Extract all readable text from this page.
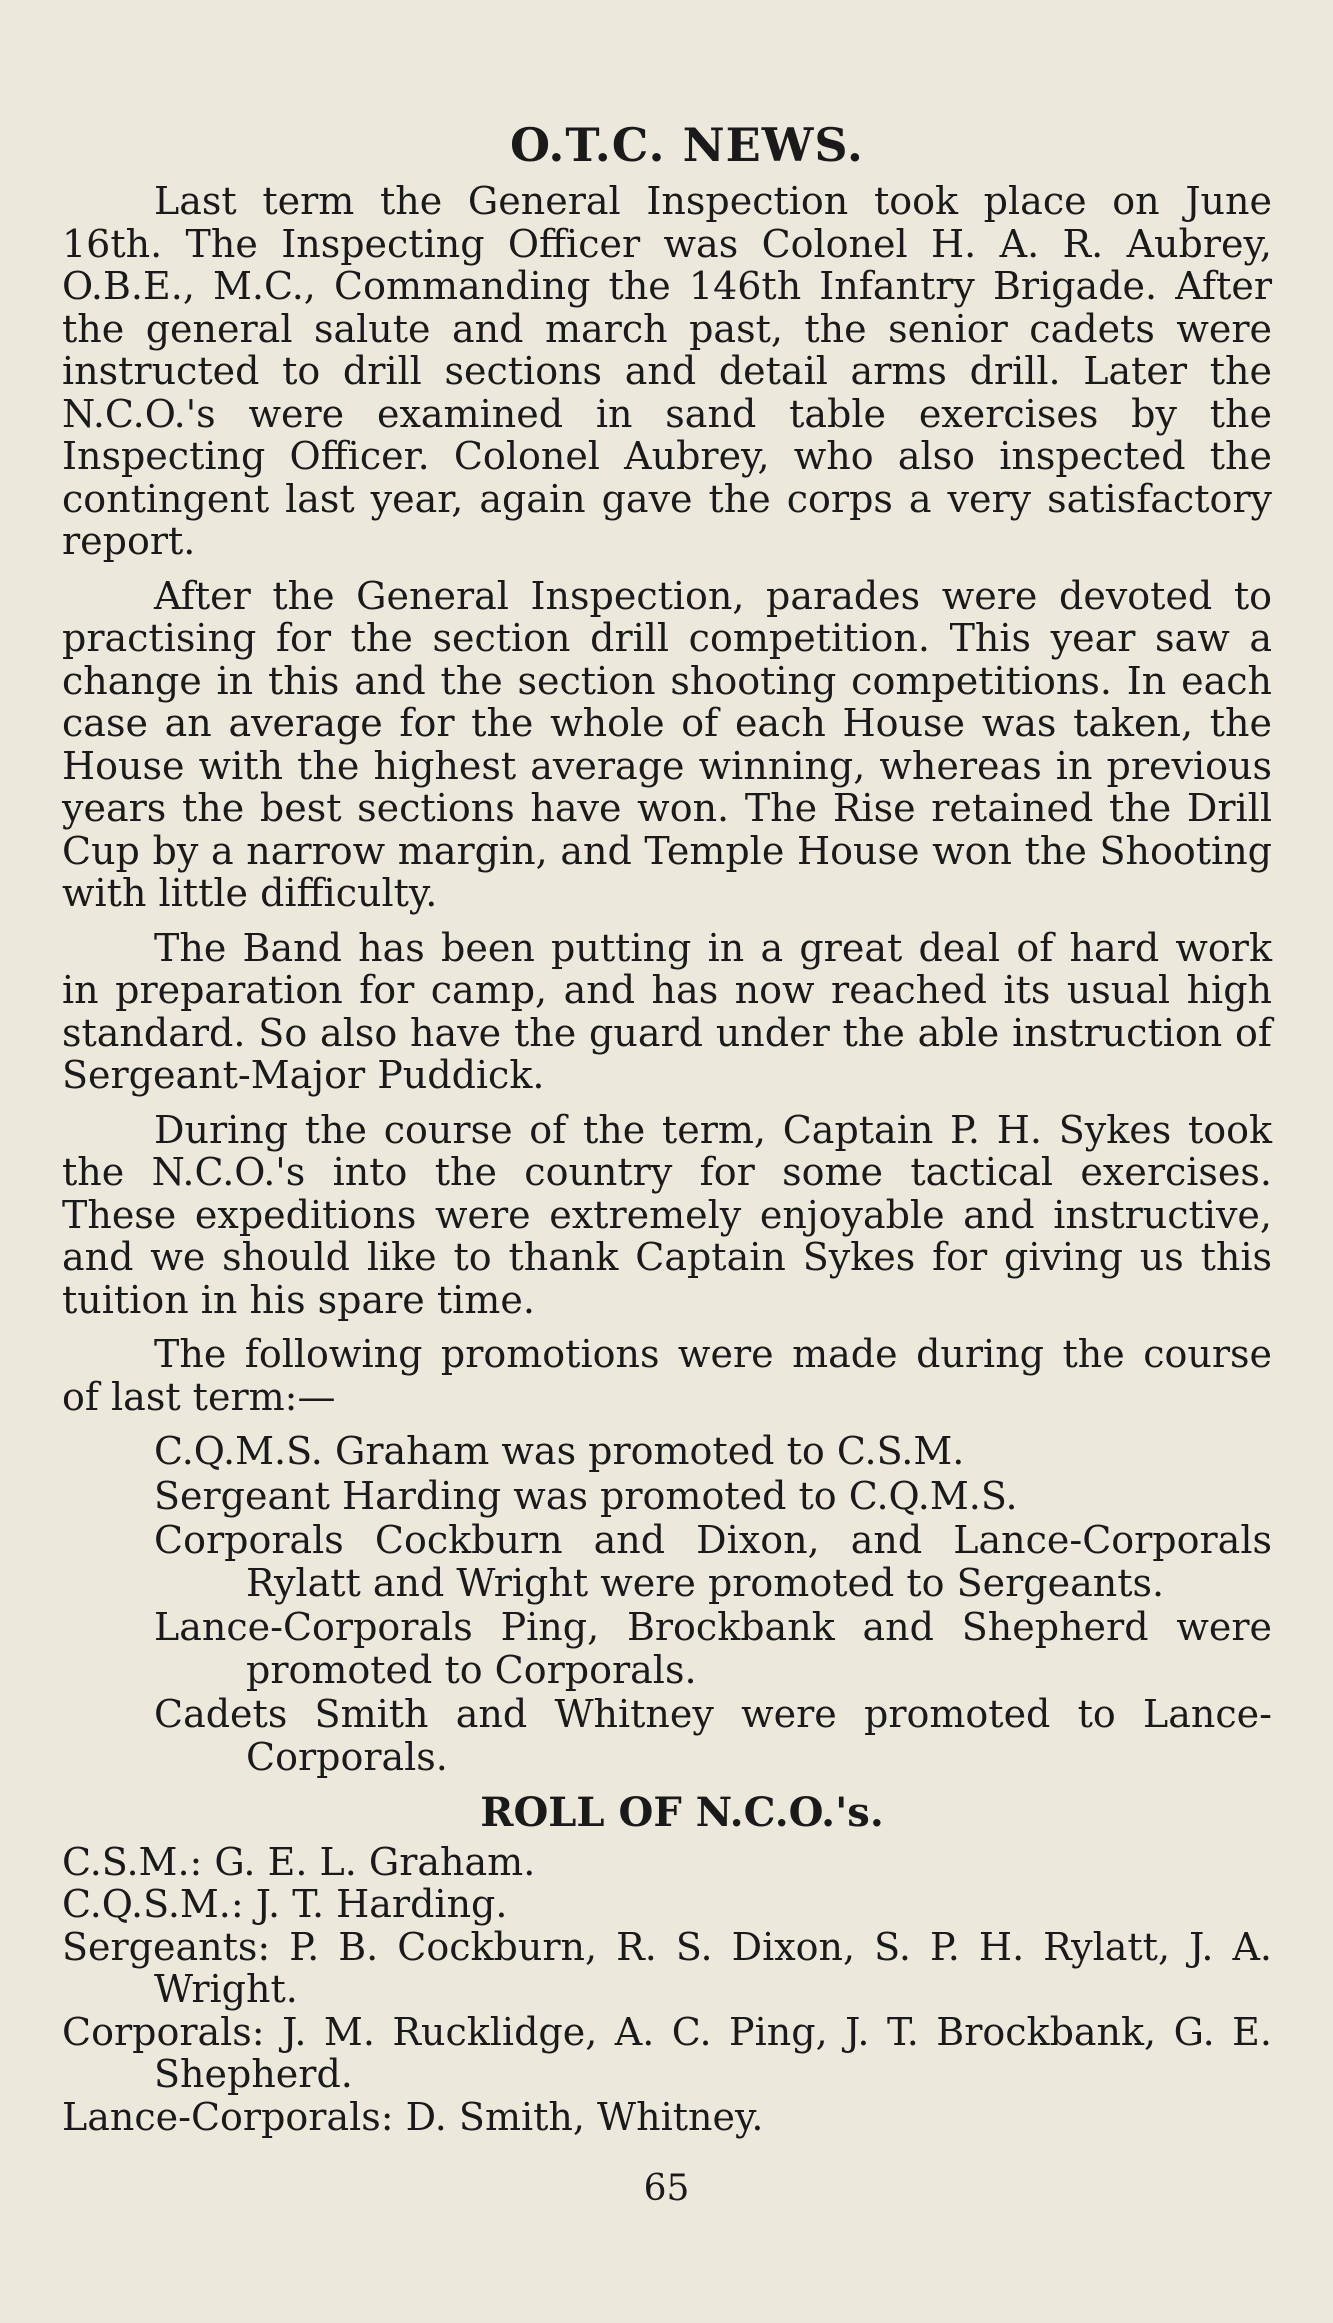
O.T.C. NEWS.

Last term the General Inspection took place on June 16th. The Inspecting Officer was Colonel H. A. R. Aubrey, O.B.E., M.C., Commanding the 146th Infantry Brigade. After the general salute and march past, the senior cadets were instructed to drill sections and detail arms drill. Later the N.C.O.'s were examined in sand table exercises by the Inspecting Officer. Colonel Aubrey, who also inspected the contingent last year, again gave the corps a very satisfactory report.

After the General Inspection, parades were devoted to practising for the section drill competition. This year saw a change in this and the section shooting competitions. In each case an average for the whole of each House was taken, the House with the highest average winning, whereas in previous years the best sections have won. The Rise retained the Drill Cup by a narrow margin, and Temple House won the Shooting with little difficulty.

The Band has been putting in a great deal of hard work in preparation for camp, and has now reached its usual high standard. So also have the guard under the able instruction of Sergeant-Major Puddick.

During the course of the term, Captain P. H. Sykes took the N.C.O.'s into the country for some tactical exercises. These expeditions were extremely enjoyable and instructive, and we should like to thank Captain Sykes for giving us this tuition in his spare time.

The following promotions were made during the course of last term:—

C.Q.M.S. Graham was promoted to C.S.M.
Sergeant Harding was promoted to C.Q.M.S.
Corporals Cockburn and Dixon, and Lance-Corporals Rylatt and Wright were promoted to Sergeants.
Lance-Corporals Ping, Brockbank and Shepherd were promoted to Corporals.
Cadets Smith and Whitney were promoted to Lance-Corporals.
ROLL OF N.C.O.'s.
C.S.M.: G. E. L. Graham.
C.Q.S.M.: J. T. Harding.
Sergeants: P. B. Cockburn, R. S. Dixon, S. P. H. Rylatt, J. A. Wright.
Corporals: J. M. Rucklidge, A. C. Ping, J. T. Brockbank, G. E. Shepherd.
Lance-Corporals: D. Smith, Whitney.
65
